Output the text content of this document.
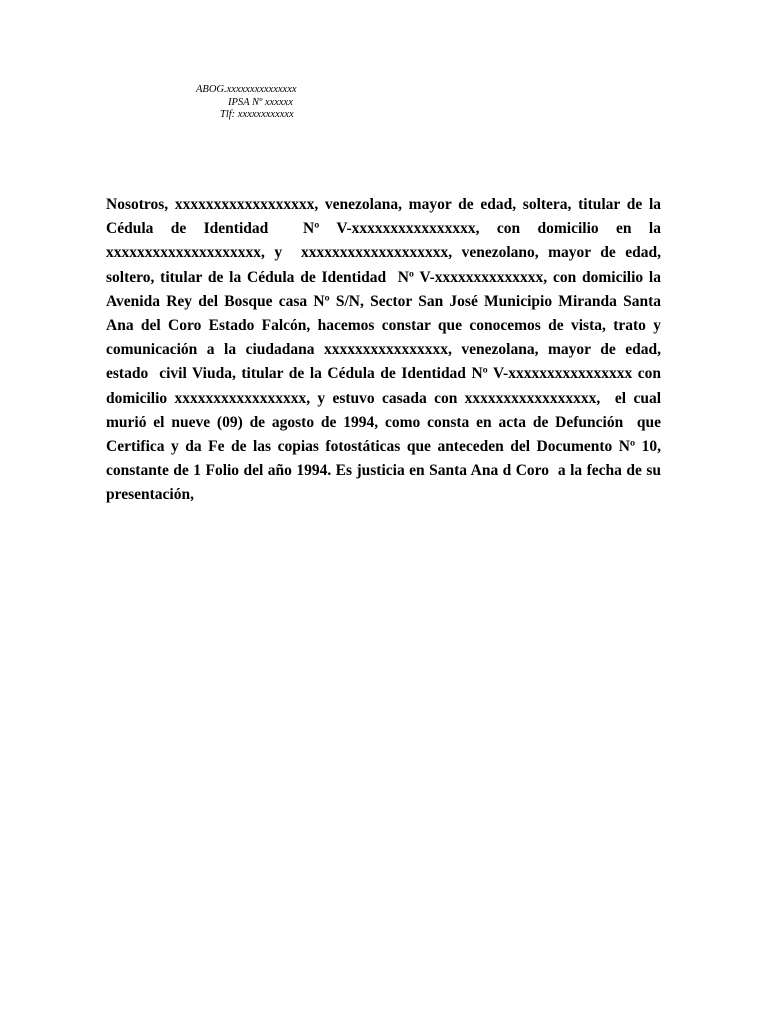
ABOG.xxxxxxxxxxxxxxx
IPSA Nº xxxxxx
Tlf: xxxxxxxxxxxx

Nosotros, xxxxxxxxxxxxxxxxxx, venezolana, mayor de edad, soltera, titular de la Cédula de Identidad  Nº V-xxxxxxxxxxxxxxxx, con domicilio en la xxxxxxxxxxxxxxxxxxxx, y  xxxxxxxxxxxxxxxxxxx, venezolano, mayor de edad, soltero, titular de la Cédula de Identidad  Nº V-xxxxxxxxxxxxxx, con domicilio la Avenida Rey del Bosque casa Nº S/N, Sector San José Municipio Miranda Santa Ana del Coro Estado Falcón, hacemos constar que conocemos de vista, trato y comunicación a la ciudadana xxxxxxxxxxxxxxxx, venezolana, mayor de edad, estado  civil Viuda, titular de la Cédula de Identidad Nº V-xxxxxxxxxxxxxxxx con domicilio xxxxxxxxxxxxxxxxx, y estuvo casada con xxxxxxxxxxxxxxxxx,  el cual murió el nueve (09) de agosto de 1994, como consta en acta de Defunción  que Certifica y da Fe de las copias fotostáticas que anteceden del Documento Nº 10, constante de 1 Folio del año 1994. Es justicia en Santa Ana d Coro  a la fecha de su presentación,
